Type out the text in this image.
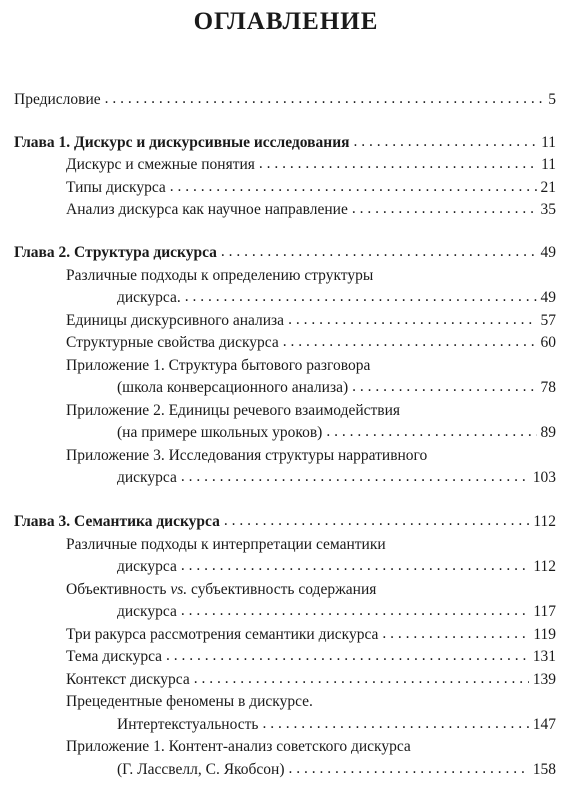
ОГЛАВЛЕНИЕ
Предисловие . . .	5
Глава 1. Дискурс и дискурсивные исследования . . .	11
Дискурс и смежные понятия . . .	11
Типы дискурса . . .	21
Анализ дискурса как научное направление . . .	35
Глава 2. Структура дискурса . . .	49
Различные подходы к определению структуры
дискурса. . . .	49
Единицы дискурсивного анализа . . .	57
Структурные свойства дискурса . . .	60
Приложение 1. Структура бытового разговора
(школа конверсационного анализа) . . .	78
Приложение 2. Единицы речевого взаимодействия
(на примере школьных уроков) . . .	89
Приложение 3. Исследования структуры нарративного
дискурса . . .	103
Глава 3. Семантика дискурса . . .	112
Различные подходы к интерпретации семантики
дискурса . . .	112
Объективность vs. субъективность содержания
дискурса . . .	117
Три ракурса рассмотрения семантики дискурса . . .	119
Тема дискурса . . .	131
Контекст дискурса . . .	139
Прецедентные феномены в дискурсе.
Интертекстуальность . . .	147
Приложение 1. Контент-анализ советского дискурса
(Г. Лассвелл, С. Якобсон) . . .	158
